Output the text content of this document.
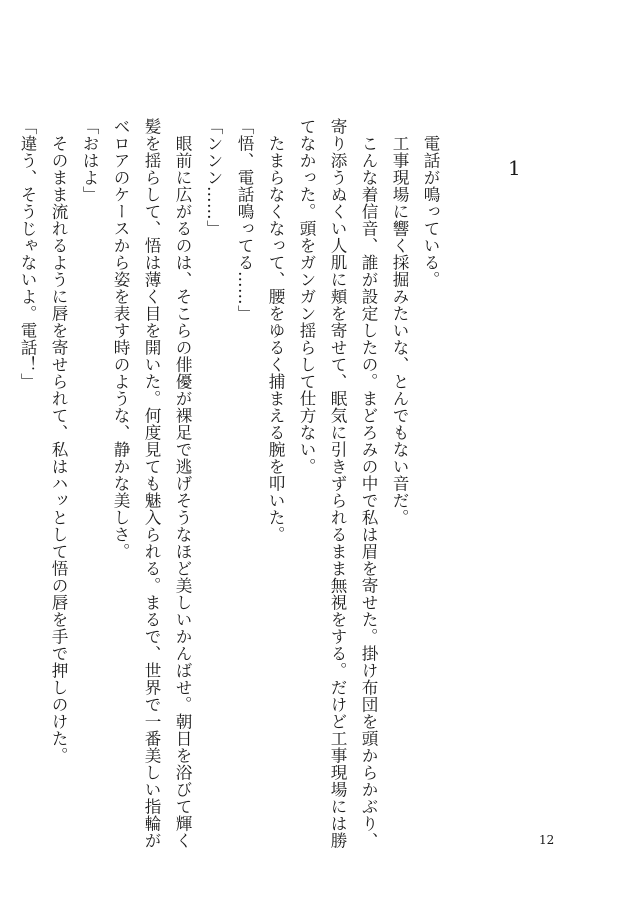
1

電話が鳴っている。

工事現場に響く採掘みたいな、とんでもない音だ。

こんな着信音、誰が設定したの。まどろみの中で私は眉を寄せた。掛け布団を頭からかぶり、

寄り添うぬくい人肌に頬を寄せて、眠気に引きずられるまま無視をする。だけど工事現場には勝

てなかった。頭をガンガン揺らして仕方ない。

たまらなくなって、腰をゆるく捕まえる腕を叩いた。

「悟、電話鳴ってる……」

「ンンン……」

眼前に広がるのは、そこらの俳優が裸足で逃げそうなほど美しいかんばせ。朝日を浴びて輝く

髪を揺らして、悟は薄く目を開いた。何度見ても魅入られる。まるで、世界で一番美しい指輪が

ベロアのケースから姿を表す時のような、静かな美しさ。

「おはよ」

そのまま流れるように唇を寄せられて、私はハッとして悟の唇を手で押しのけた。

「違う、そうじゃないよ。電話！」

12
